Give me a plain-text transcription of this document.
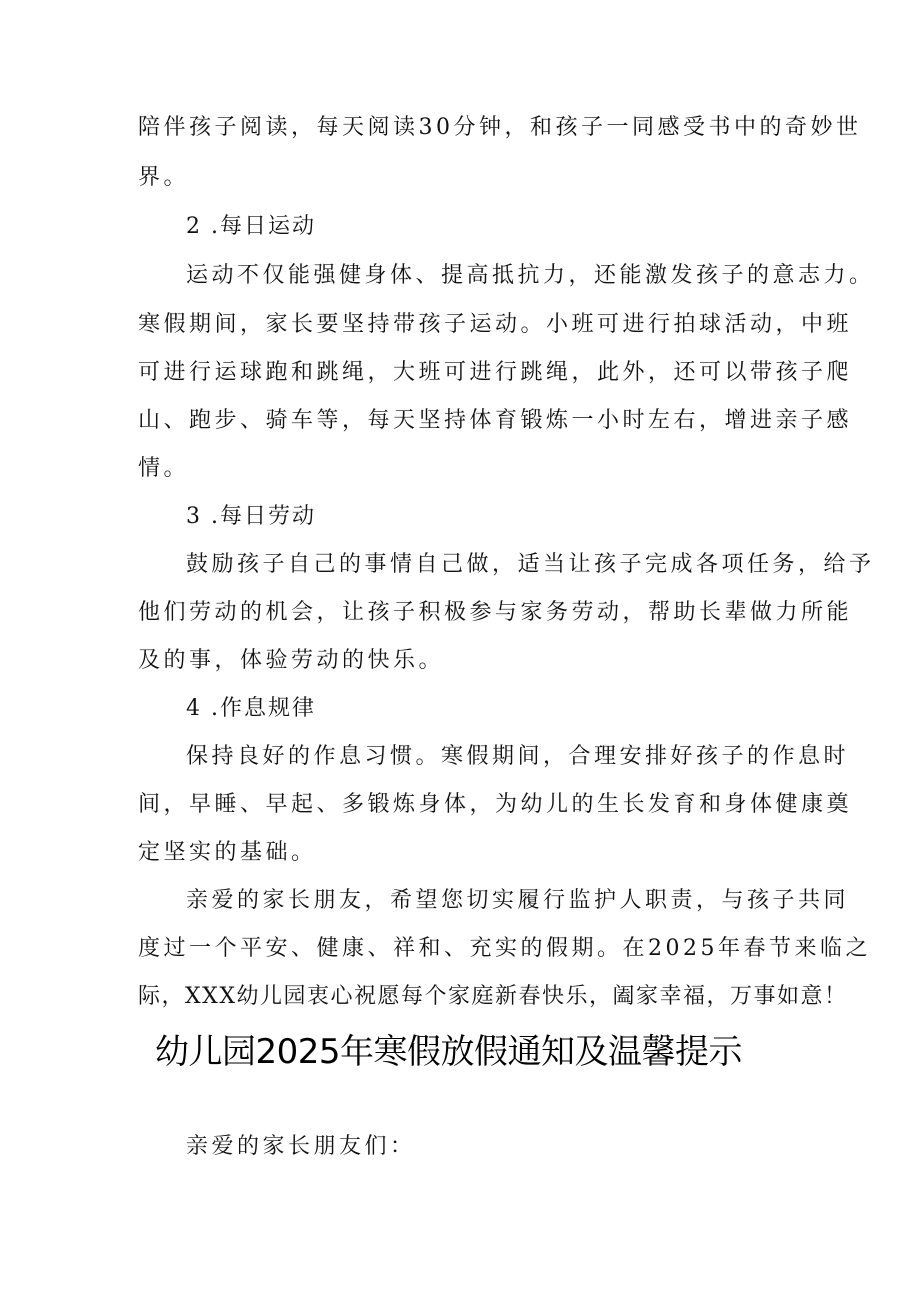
陪伴孩子阅读，每天阅读30分钟，和孩子一同感受书中的奇妙世
界。
2 .每日运动
运动不仅能强健身体、提高抵抗力，还能激发孩子的意志力。
寒假期间，家长要坚持带孩子运动。小班可进行拍球活动，中班
可进行运球跑和跳绳，大班可进行跳绳，此外，还可以带孩子爬
山、跑步、骑车等，每天坚持体育锻炼一小时左右，增进亲子感
情。
3 .每日劳动
鼓励孩子自己的事情自己做，适当让孩子完成各项任务，给予
他们劳动的机会，让孩子积极参与家务劳动，帮助长辈做力所能
及的事，体验劳动的快乐。
4 .作息规律
保持良好的作息习惯。寒假期间，合理安排好孩子的作息时
间，早睡、早起、多锻炼身体，为幼儿的生长发育和身体健康奠
定坚实的基础。
亲爱的家长朋友，希望您切实履行监护人职责，与孩子共同
度过一个平安、健康、祥和、充实的假期。在2025年春节来临之
际，XXX幼儿园衷心祝愿每个家庭新春快乐，阖家幸福，万事如意！
幼儿园2025年寒假放假通知及温馨提示
亲爱的家长朋友们：
